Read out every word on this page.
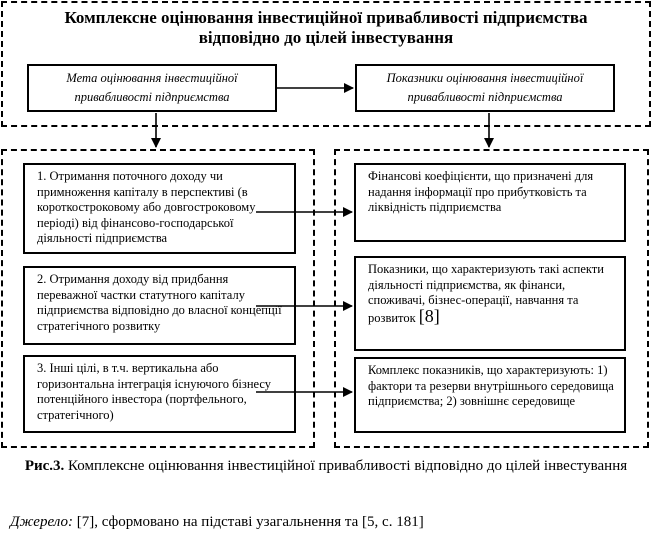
Комплексне оцінювання інвестиційної привабливості підприємства
відповідно до цілей інвестування
Мета оцінювання інвестиційної привабливості підприємства
Показники оцінювання інвестиційної привабливості підприємства
1. Отримання поточного доходу чи примноження капіталу в перспективі (в короткостроковому або довгостроковому періоді) від фінансово-господарської діяльності підприємства
2. Отримання доходу від придбання переважної частки статутного капіталу підприємства відповідно до власної концепції стратегічного розвитку
3. Інші цілі, в т.ч. вертикальна або горизонтальна інтеграція існуючого бізнесу потенційного інвестора (портфельного, стратегічного)
Фінансові коефіцієнти, що призначені для надання інформації про прибутковість та ліквідність підприємства
Показники, що характеризують такі аспекти діяльності підприємства, як фінанси, споживачі, бізнес-операції, навчання та розвиток [8]
Комплекс показників, що характеризують: 1) фактори та резерви внутрішнього середовища підприємства; 2) зовнішнє середовище
Рис.3. Комплексне оцінювання інвестиційної привабливості відповідно до цілей інвестування
Джерело: [7], сформовано на підставі узагальнення та [5, с. 181]
